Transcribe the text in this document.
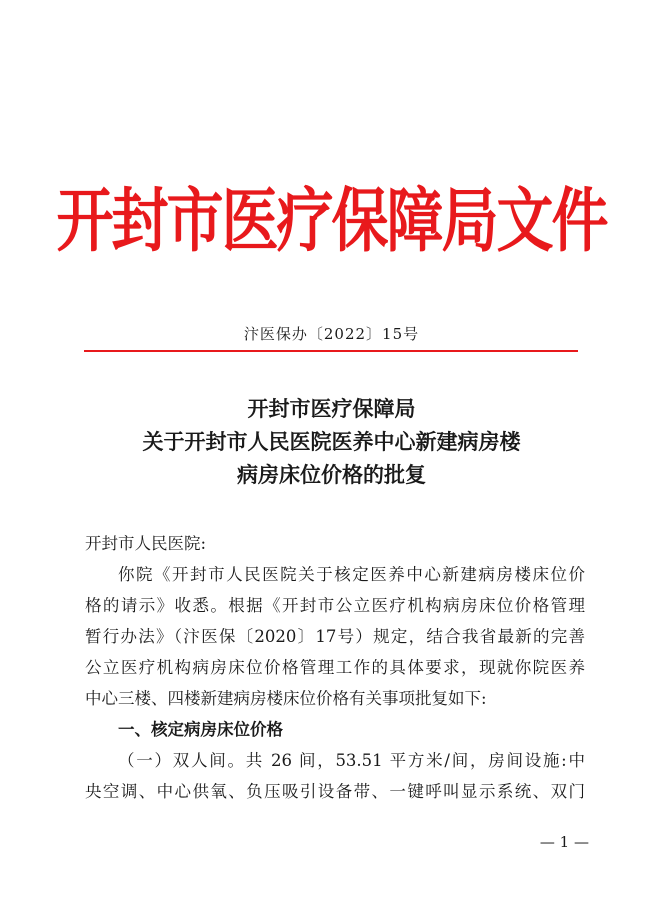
开封市医疗保障局文件
汴医保办〔2022〕15号
开封市医疗保障局
关于开封市人民医院医养中心新建病房楼
病房床位价格的批复

开封市人民医院:

你院《开封市人民医院关于核定医养中心新建病房楼床位价

格的请示》收悉。根据《开封市公立医疗机构病房床位价格管理

暂行办法》（汴医保〔2020〕17号）规定，结合我省最新的完善

公立医疗机构病房床位价格管理工作的具体要求，现就你院医养

中心三楼、四楼新建病房楼床位价格有关事项批复如下:

一、核定病房床位价格

（一）双人间。共 26 间，53.51 平方米/间，房间设施:中

央空调、中心供氧、负压吸引设备带、一键呼叫显示系统、双门

— 1 —
